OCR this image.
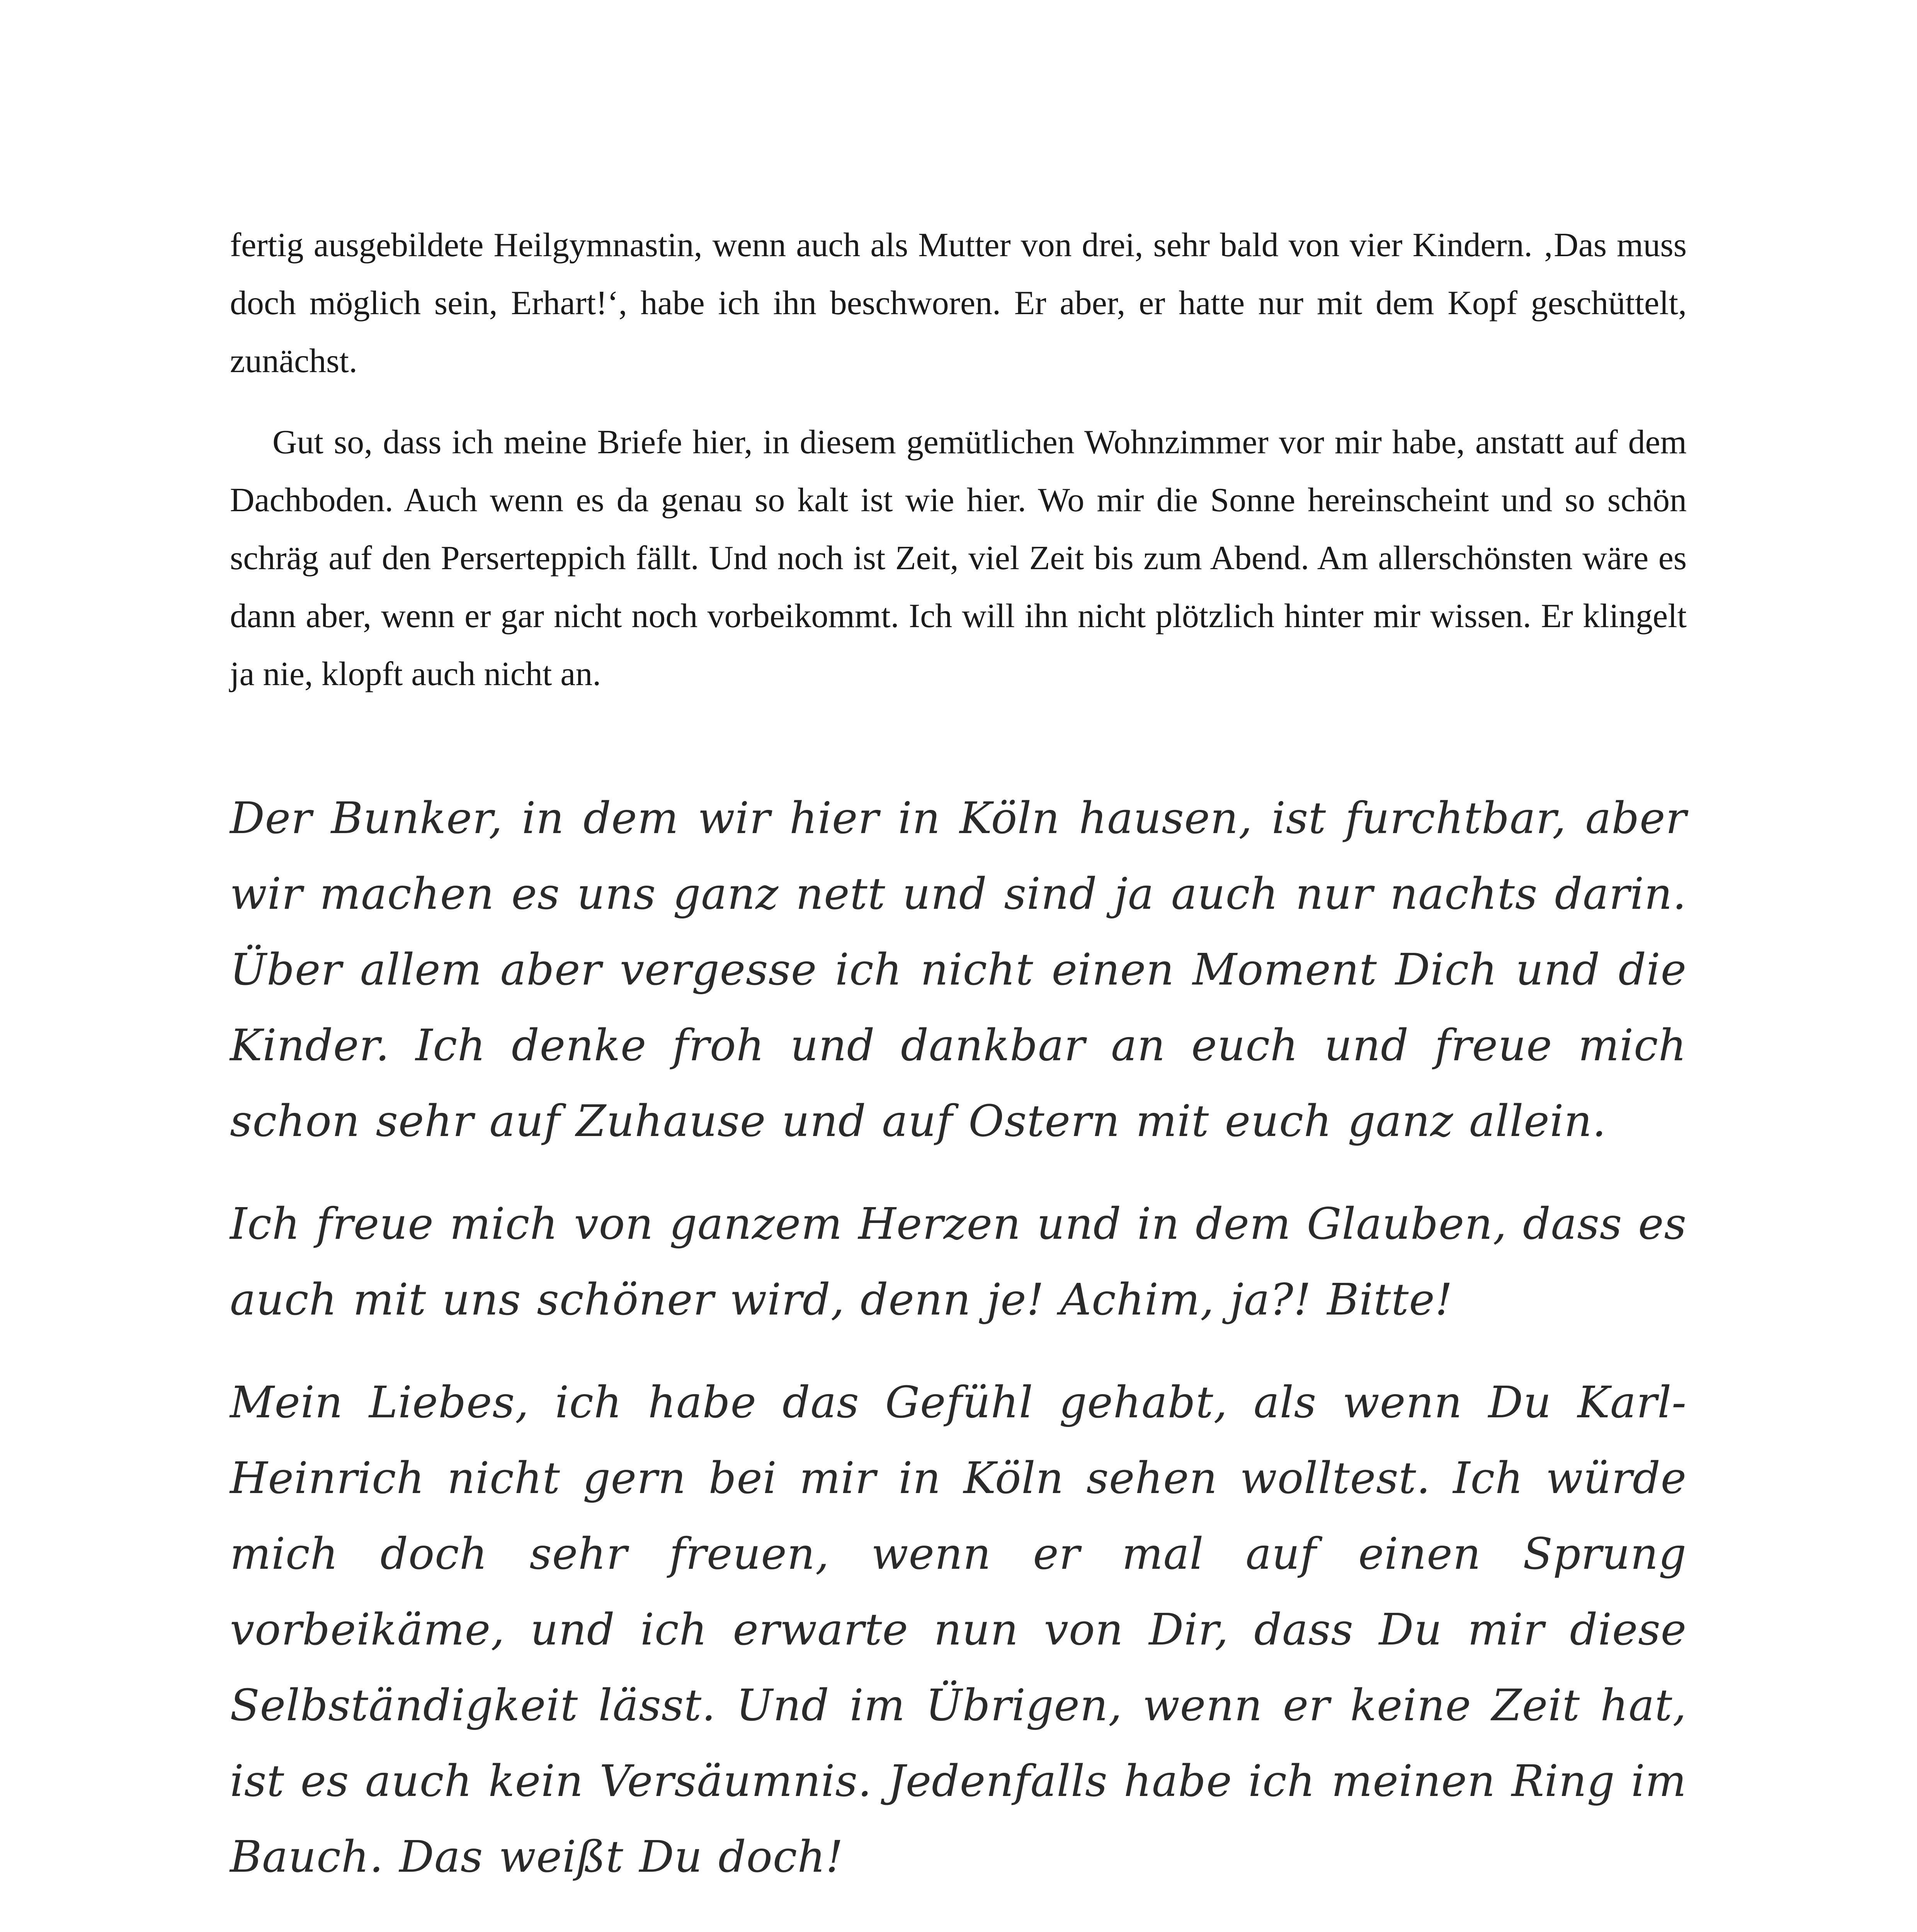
fertig ausgebildete Heilgymnastin, wenn auch als Mutter von drei, sehr bald von vier Kindern. ‚Das muss doch möglich sein, Erhart!‘, habe ich ihn beschworen. Er aber, er hatte nur mit dem Kopf geschüttelt, zunächst.

Gut so, dass ich meine Briefe hier, in diesem gemütlichen Wohnzimmer vor mir habe, anstatt auf dem Dachboden. Auch wenn es da genau so kalt ist wie hier. Wo mir die Sonne hereinscheint und so schön schräg auf den Perserteppich fällt. Und noch ist Zeit, viel Zeit bis zum Abend. Am allerschönsten wäre es dann aber, wenn er gar nicht noch vorbeikommt. Ich will ihn nicht plötzlich hinter mir wissen. Er klingelt ja nie, klopft auch nicht an.

Der Bunker, in dem wir hier in Köln hausen, ist furchtbar, aber wir machen es uns ganz nett und sind ja auch nur nachts darin. Über allem aber vergesse ich nicht einen Moment Dich und die Kinder. Ich denke froh und dankbar an euch und freue mich schon sehr auf Zuhause und auf Ostern mit euch ganz allein.

Ich freue mich von ganzem Herzen und in dem Glauben, dass es auch mit uns schöner wird, denn je! Achim, ja?! Bitte!

Mein Liebes, ich habe das Gefühl gehabt, als wenn Du Karl-Heinrich nicht gern bei mir in Köln sehen wolltest. Ich würde mich doch sehr freuen, wenn er mal auf einen Sprung vorbeikäme, und ich erwarte nun von Dir, dass Du mir diese Selbständigkeit lässt. Und im Übrigen, wenn er keine Zeit hat, ist es auch kein Versäumnis. Jedenfalls habe ich meinen Ring im Bauch. Das weißt Du doch!
